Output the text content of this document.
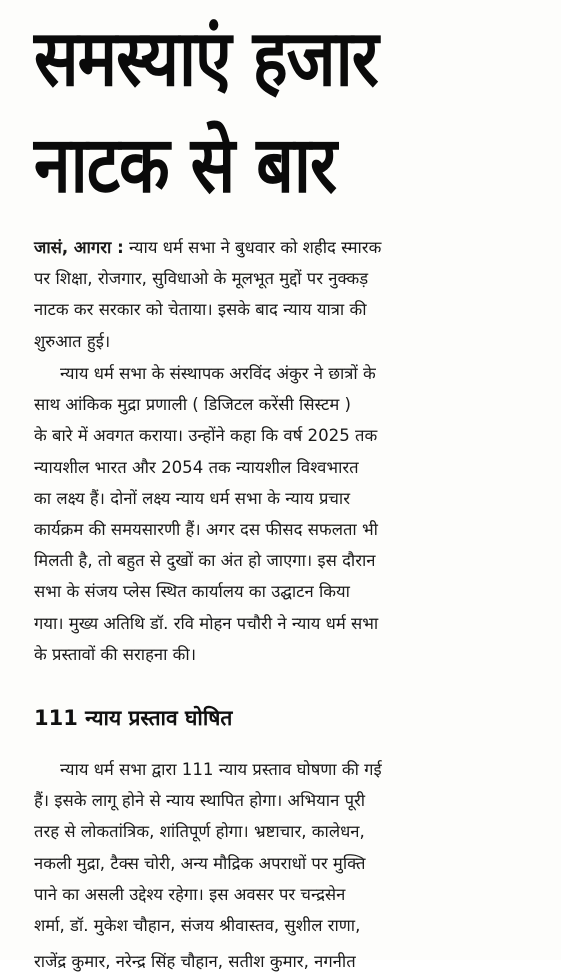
समस्याएं हजार
नाटक से बार
जासं, आगरा : न्याय धर्म सभा ने बुधवार को शहीद स्मारक
पर शिक्षा, रोजगार, सुविधाओ के मूलभूत मुद्दों पर नुक्कड़
नाटक कर सरकार को चेताया। इसके बाद न्याय यात्रा की
शुरुआत हुई।
न्याय धर्म सभा के संस्थापक अरविंद अंकुर ने छात्रों के
साथ आंकिक मुद्रा प्रणाली ( डिजिटल करेंसी सिस्टम )
के बारे में अवगत कराया। उन्होंने कहा कि वर्ष 2025 तक
न्यायशील भारत और 2054 तक न्यायशील विश्वभारत
का लक्ष्य हैं। दोनों लक्ष्य न्याय धर्म सभा के न्याय प्रचार
कार्यक्रम की समयसारणी हैं। अगर दस फीसद सफलता भी
मिलती है, तो बहुत से दुखों का अंत हो जाएगा। इस दौरान
सभा के संजय प्लेस स्थित कार्यालय का उद्घाटन किया
गया। मुख्य अतिथि डॉ. रवि मोहन पचौरी ने न्याय धर्म सभा
के प्रस्तावों की सराहना की।
111 न्याय प्रस्ताव घोषित
न्याय धर्म सभा द्वारा 111 न्याय प्रस्ताव घोषणा की गई
हैं। इसके लागू होने से न्याय स्थापित होगा। अभियान पूरी
तरह से लोकतांत्रिक, शांतिपूर्ण होगा। भ्रष्टाचार, कालेधन,
नकली मुद्रा, टैक्स चोरी, अन्य मौद्रिक अपराधों पर मुक्ति
पाने का असली उद्देश्य रहेगा। इस अवसर पर चन्द्रसेन
शर्मा, डॉ. मुकेश चौहान, संजय श्रीवास्तव, सुशील राणा,
राजेंद्र कुमार, नरेन्द्र सिंह चौहान, सतीश कुमार, नगनीत
